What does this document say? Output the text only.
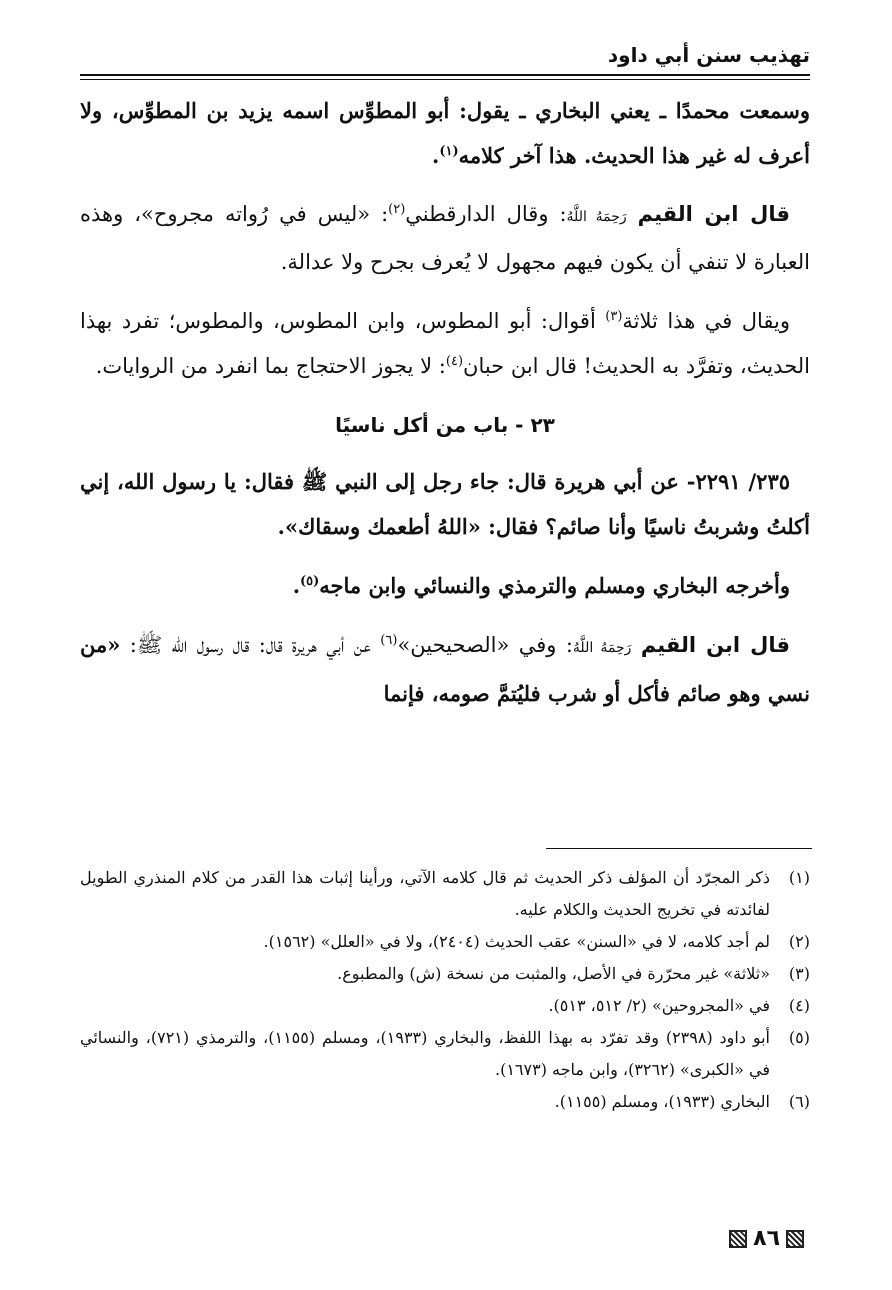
تهذيب سنن أبي داود

وسمعت محمدًا ـ يعني البخاري ـ يقول: أبو المطوِّس اسمه يزيد بن المطوِّس، ولا أعرف له غير هذا الحديث. هذا آخر كلامه$^{(١)}$.

قال ابن القيم رَحِمَهُ اللَّهُ: وقال الدارقطني$^{(٢)}$: «ليس في رُواته مجروح»، وهذه العبارة لا تنفي أن يكون فيهم مجهول لا يُعرف بجرح ولا عدالة.

ويقال في هذا ثلاثة$^{(٣)}$ أقوال: أبو المطوس، وابن المطوس، والمطوس؛ تفرد بهذا الحديث، وتفرَّد به الحديث! قال ابن حبان$^{(٤)}$: لا يجوز الاحتجاج بما انفرد من الروايات.

٢٣ - باب من أكل ناسيًا

٢٣٥/ ٢٢٩١- عن أبي هريرة قال: جاء رجل إلى النبي ﷺ فقال: يا رسول الله، إني أكلتُ وشربتُ ناسيًا وأنا صائم؟ فقال: «اللهُ أطعمك وسقاك».

وأخرجه البخاري ومسلم والترمذي والنسائي وابن ماجه$^{(٥)}$.

قال ابن القيم رَحِمَهُ اللَّهُ: وفي «الصحيحين»$^{(٦)}$ عن أبي هريرة قال: قال رسول الله ﷺ: «من نسي وهو صائم فأكل أو شرب فليُتمَّ صومه، فإنما

(١)
ذكر المجرّد أن المؤلف ذكر الحديث ثم قال كلامه الآتي، ورأينا إثبات هذا القدر من كلام المنذري الطويل لفائدته في تخريج الحديث والكلام عليه.
(٢)
لم أجد كلامه، لا في «السنن» عقب الحديث (٢٤٠٤)، ولا في «العلل» (١٥٦٢).
(٣)
«ثلاثة» غير محرّرة في الأصل، والمثبت من نسخة (ش) والمطبوع.
(٤)
في «المجروحين» (٢/ ٥١٢، ٥١٣).
(٥)
أبو داود (٢٣٩٨) وقد تفرّد به بهذا اللفظ، والبخاري (١٩٣٣)، ومسلم (١١٥٥)، والترمذي (٧٢١)، والنسائي في «الكبرى» (٣٢٦٢)، وابن ماجه (١٦٧٣).
(٦)
البخاري (١٩٣٣)، ومسلم (١١٥٥).
٨٦
